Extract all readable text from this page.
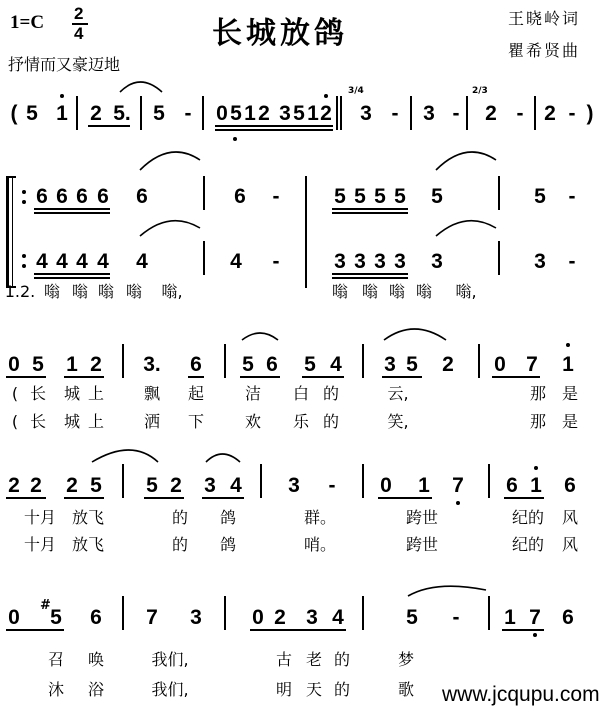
1=C 2
4	长城放鸽	王晓岭词
瞿希贤曲
抒情而又豪迈地
3/4	2/3
#
( 5 1 2 5. 5 - 0 5 1 2 3 5 1 2 3 - 3 - 2 - 2 - )
6 6 6 6 6	6 -	5 5 5 5 5	5 -
4 4 4 4 4	4 -	3 3 3 3 3	3 -
1.2. 嗡 嗡 嗡 嗡 嗡,	嗡 嗡 嗡 嗡 嗡,
0 5 1 2 3. 6 5 6 5 4 3 5 2 0 7 1
( 长 城 上 飘 起	洁 白 的	云,	那 是
( 长 城 上 洒 下	欢 乐 的	笑,	那 是
2 2 2 5 5 2 3 4 3 - 0 1 7 6 1 6
十月 放飞	的 鸽	群。	跨世	纪的 风
十月 放飞	的 鸽	哨。	跨世	纪的 风
0 5 6 7 3 0 2 3 4	5 - 1 7 6
召 唤	我们,	古 老 的	梦
沐 浴	我们,	明 天 的	歌 www.jcqupu.com
